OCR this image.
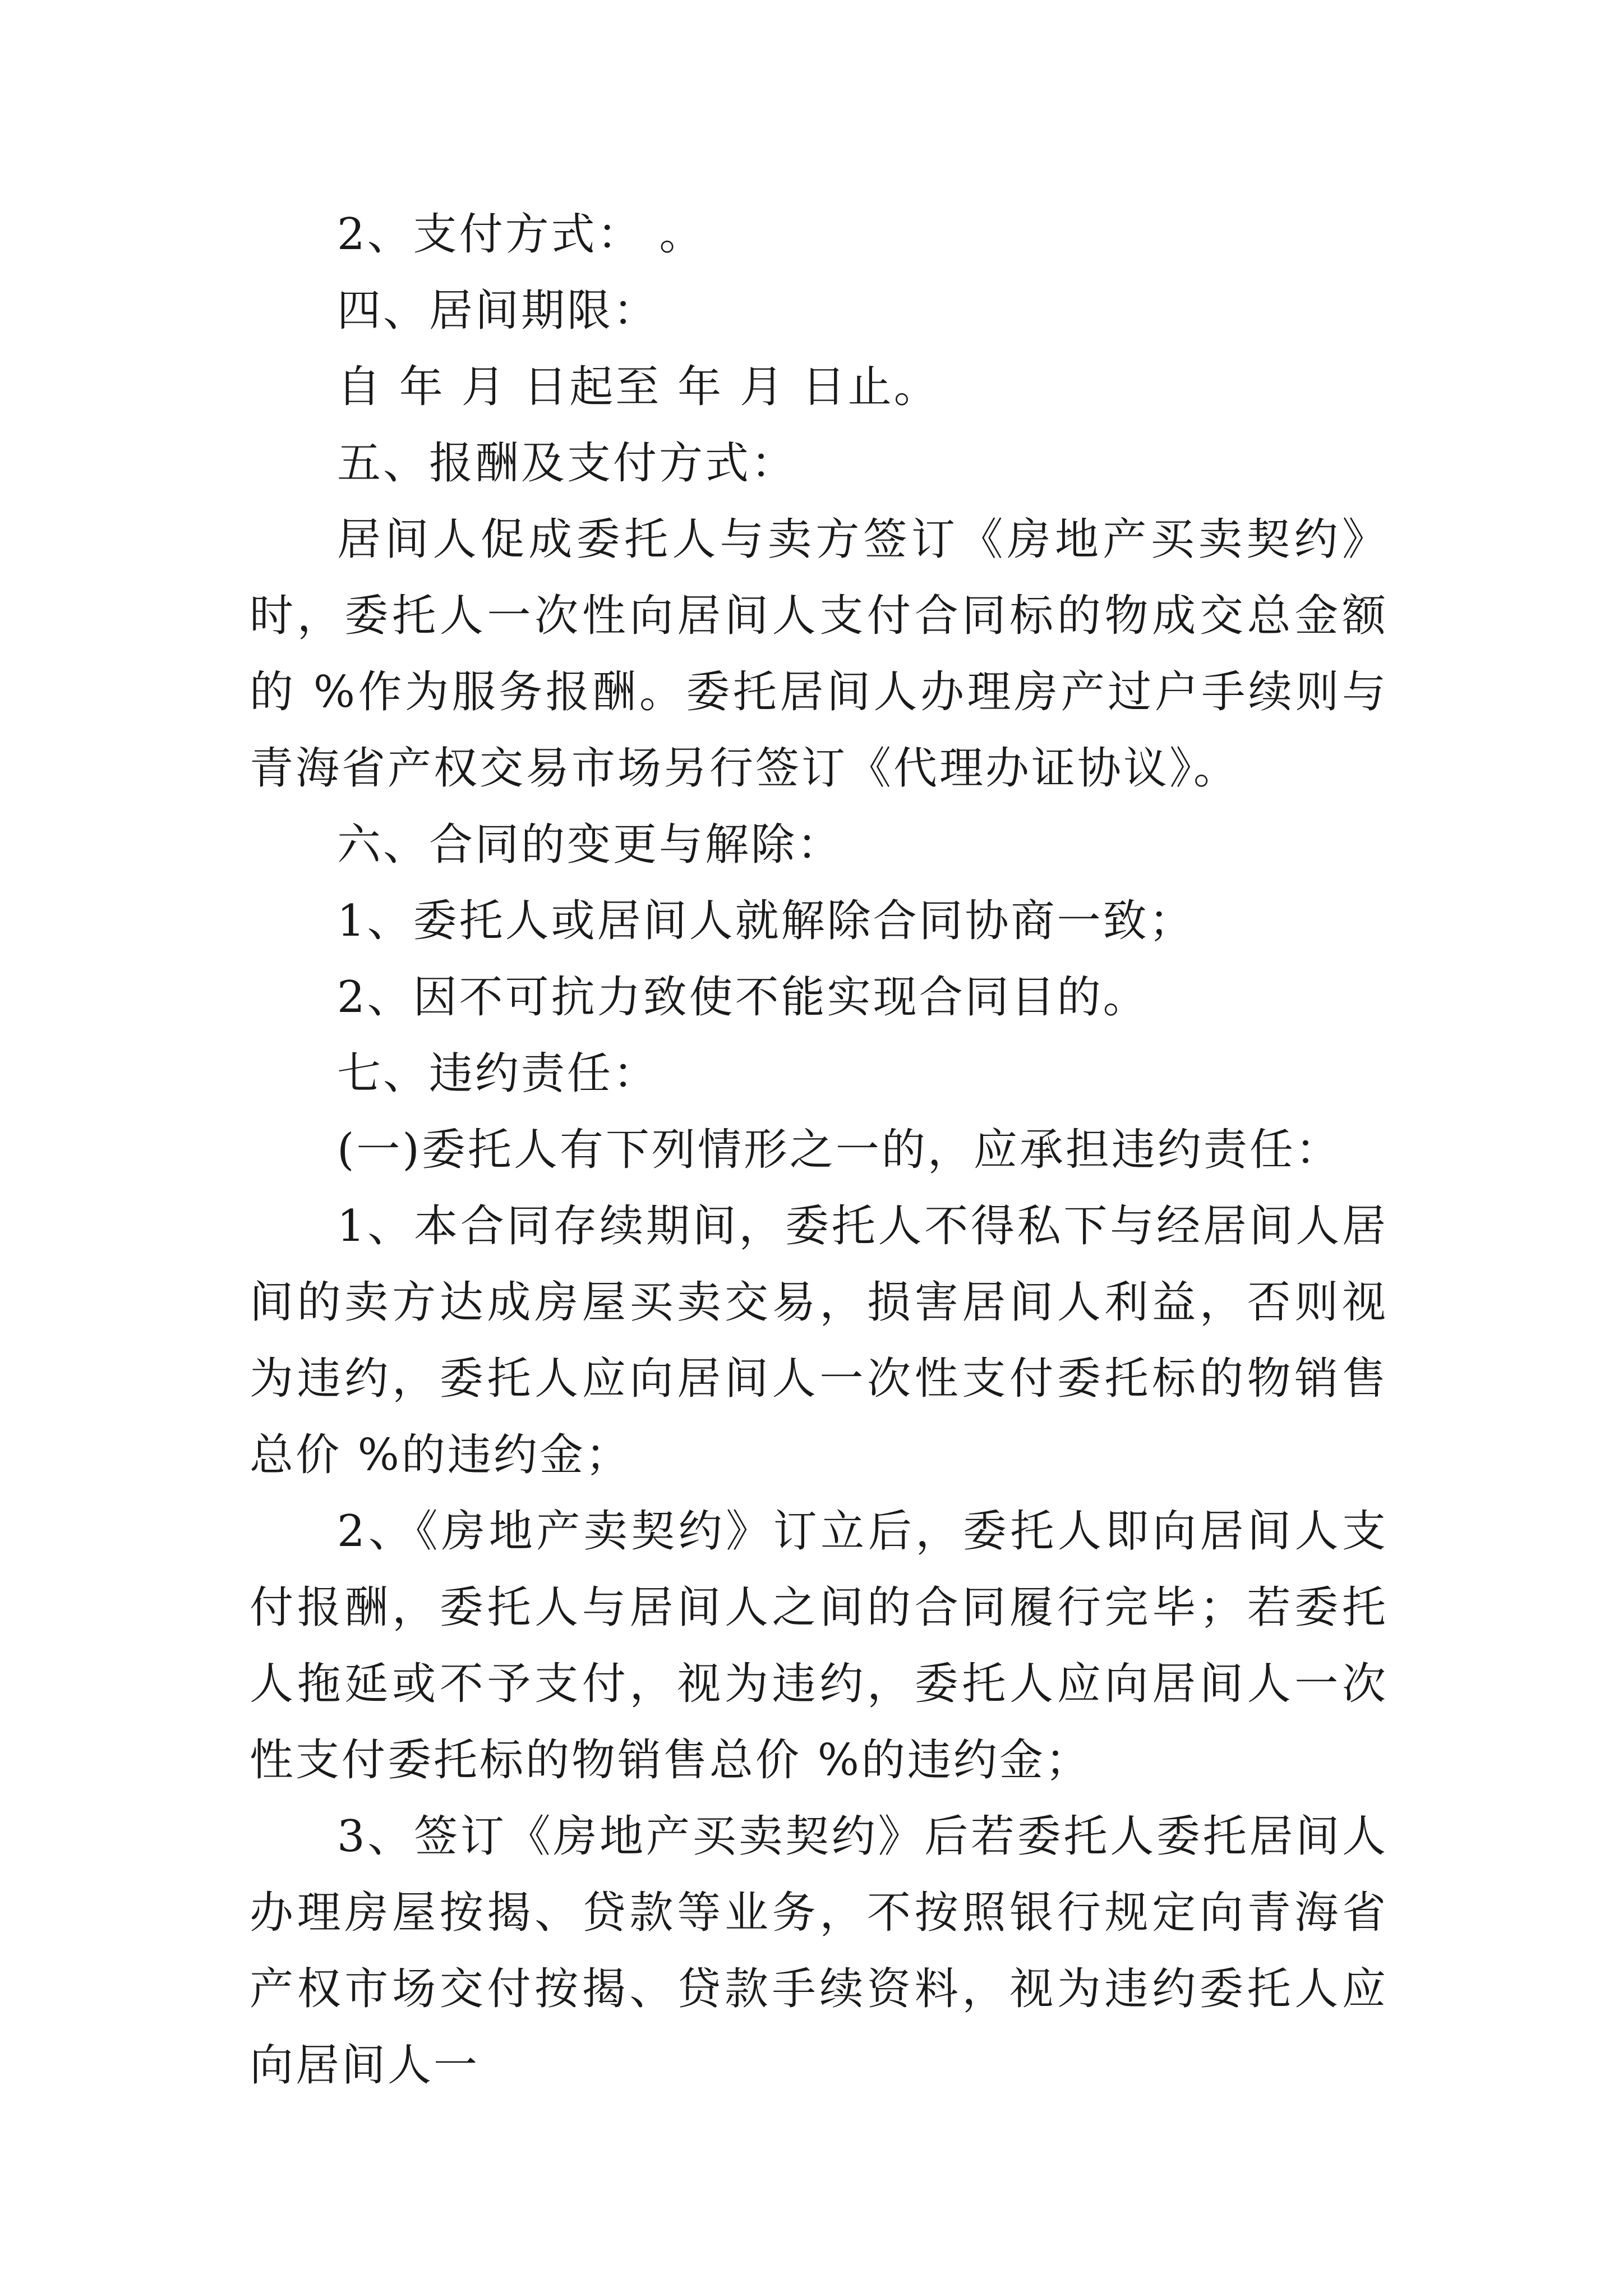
2、支付方式： 。

四、居间期限：

自 年 月 日起至 年 月 日止。

五、报酬及支付方式：

居间人促成委托人与卖方签订《房地产买卖契约》时，委托人一次性向居间人支付合同标的物成交总金额的 %作为服务报酬。委托居间人办理房产过户手续则与青海省产权交易市场另行签订《代理办证协议》。

六、合同的变更与解除：

1、委托人或居间人就解除合同协商一致；

2、因不可抗力致使不能实现合同目的。

七、违约责任：

(一)委托人有下列情形之一的，应承担违约责任：

1、本合同存续期间，委托人不得私下与经居间人居间的卖方达成房屋买卖交易，损害居间人利益，否则视为违约，委托人应向居间人一次性支付委托标的物销售总价 %的违约金；

2、《房地产卖契约》订立后，委托人即向居间人支付报酬，委托人与居间人之间的合同履行完毕；若委托人拖延或不予支付，视为违约，委托人应向居间人一次性支付委托标的物销售总价 %的违约金；

3、签订《房地产买卖契约》后若委托人委托居间人办理房屋按揭、贷款等业务，不按照银行规定向青海省产权市场交付按揭、贷款手续资料，视为违约委托人应向居间人一
